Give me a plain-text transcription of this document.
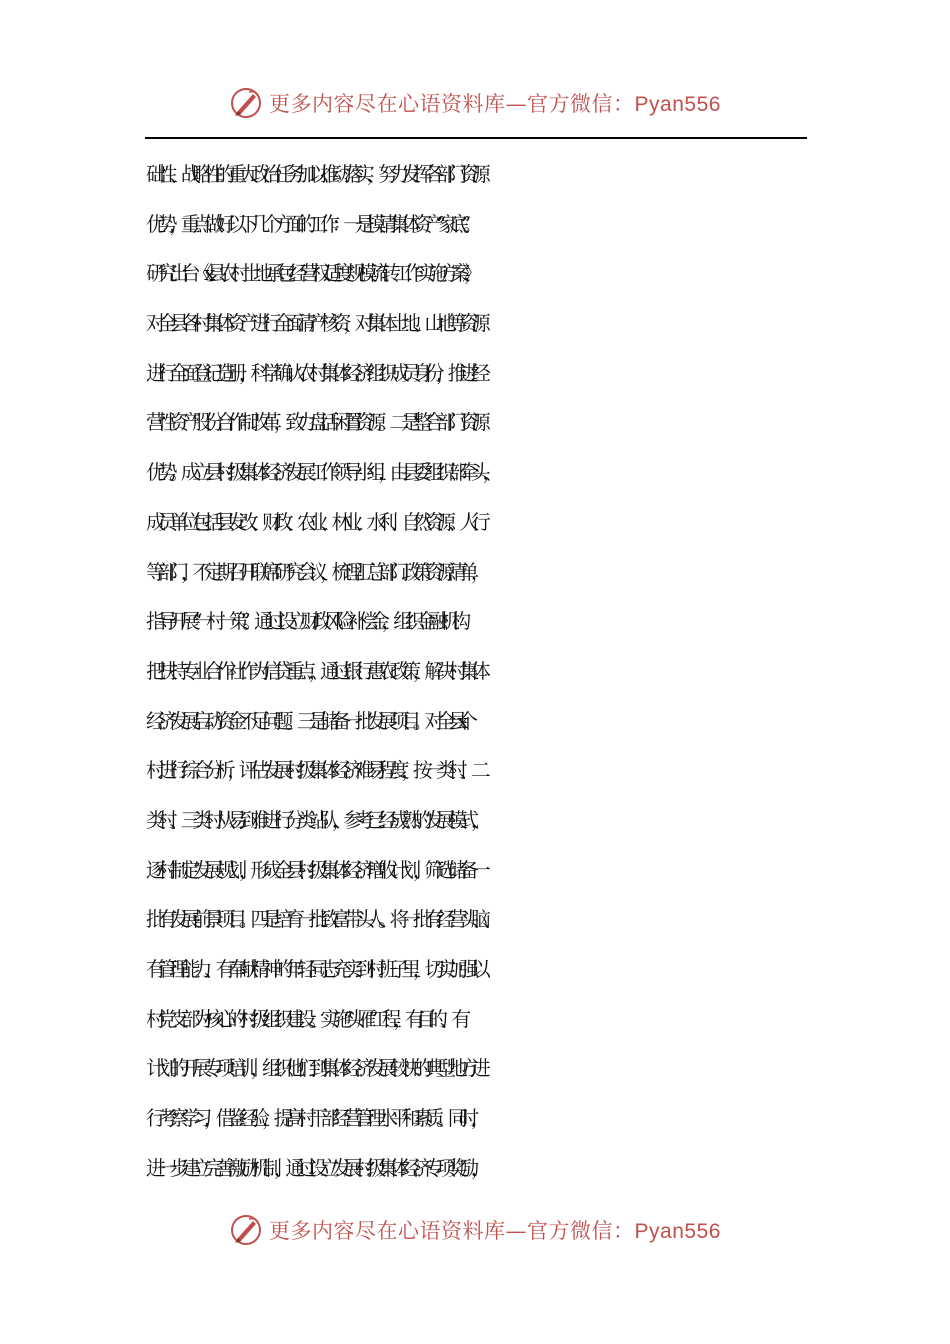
更多内容尽在心语资料库—官方微信：Pyan556
础性、战略性的重大政治任务加以推动落实，努力发挥各部门资源
优势，重点做好以下几个方面的工作：一是摸清集体资产“家底”。
研究出台《x县农村土地承包经营权适度规模流转工作实施方案》，
对全县各村集体资产进行全面清产核资，对集体土地、山地等资源
进行全面登记造册，科学确认农村集体经济组织成员身份，推进经
营性资产股份合作制改革，致力盘活闲置资源。二是整合部门资源
优势。成立县村级集体经济发展工作领导小组，由县委组织部牵头，
成员单位包括县发改、财政、农业、林业、水利、自然资源、人行
等部门，不定期召开联席研究会议，梳理汇总部门政策资源清单，
指导开展“一村一策”。通过设立财政风险补偿金，组织金融机构
把扶持专业合作社作为信贷重点，通过银行惠农政策，解决村集体
经济发展启动资金不足问题。三是储备一批发展项目。对全县 x 个
村进行综合分析，评估发展村级集体经济难易程度，按一类村、二
类村、三类村从易到难进行分类站队，参考已经成熟的发展模式，
逐村制定发展规划，形成全县村级集体经济增收计划，筛选储备一
批有发展前景项目。四是培育一批致富带头人。将一批有经营头脑、
有管理能力、有奉献精神的年轻同志充实到村班子里，切实加强以
村党支部为核心的村级组织建设。实施“头雁”工程，有目的、有
计划的开展专项培训，组织他们到集体经济发展较快的典型地方进
行考察学习，借鉴经验，提高村干部经营管理水平和素质。同时，
进一步建立完善激励机制，通过设立发展村级集体经济专项奖励，
更多内容尽在心语资料库—官方微信：Pyan556
